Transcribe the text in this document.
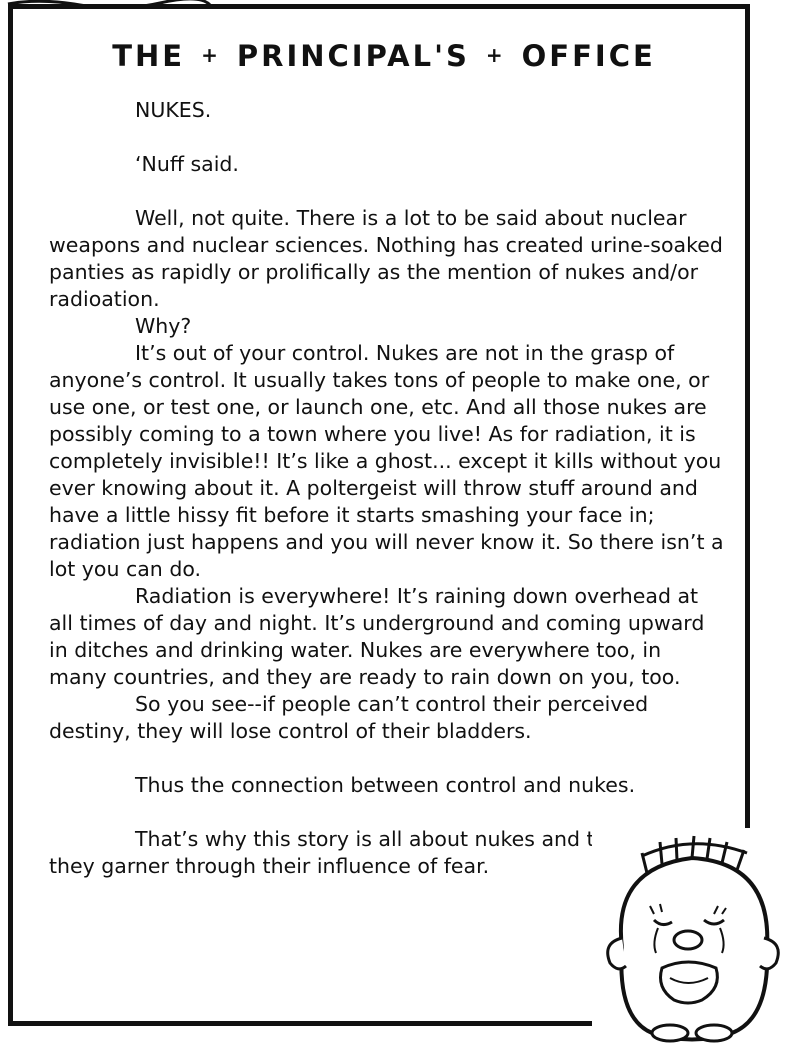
THE + PRINCIPAL'S + OFFICE

NUKES.

‘Nuff said.

Well, not quite. There is a lot to be said about nuclear weapons and nuclear sciences. Nothing has created urine-soaked panties as rapidly or prolifically as the mention of nukes and/or radioation.

Why?

It’s out of your control. Nukes are not in the grasp of anyone’s control. It usually takes tons of people to make one, or use one, or test one, or launch one, etc. And all those nukes are possibly coming to a town where you live! As for radiation, it is completely invisible!! It’s like a ghost... except it kills without you ever knowing about it. A poltergeist will throw stuff around and have a little hissy fit before it starts smashing your face in; radiation just happens and you will never know it. So there isn’t a lot you can do.

Radiation is everywhere! It’s raining down overhead at all times of day and night. It’s underground and coming upward in ditches and drinking water. Nukes are everywhere too, in many countries, and they are ready to rain down on you, too.

So you see--if people can’t control their perceived destiny, they will lose control of their bladders.

Thus the connection between control and nukes.

That’s why this story is all about nukes and the control they garner through their influence of fear.
